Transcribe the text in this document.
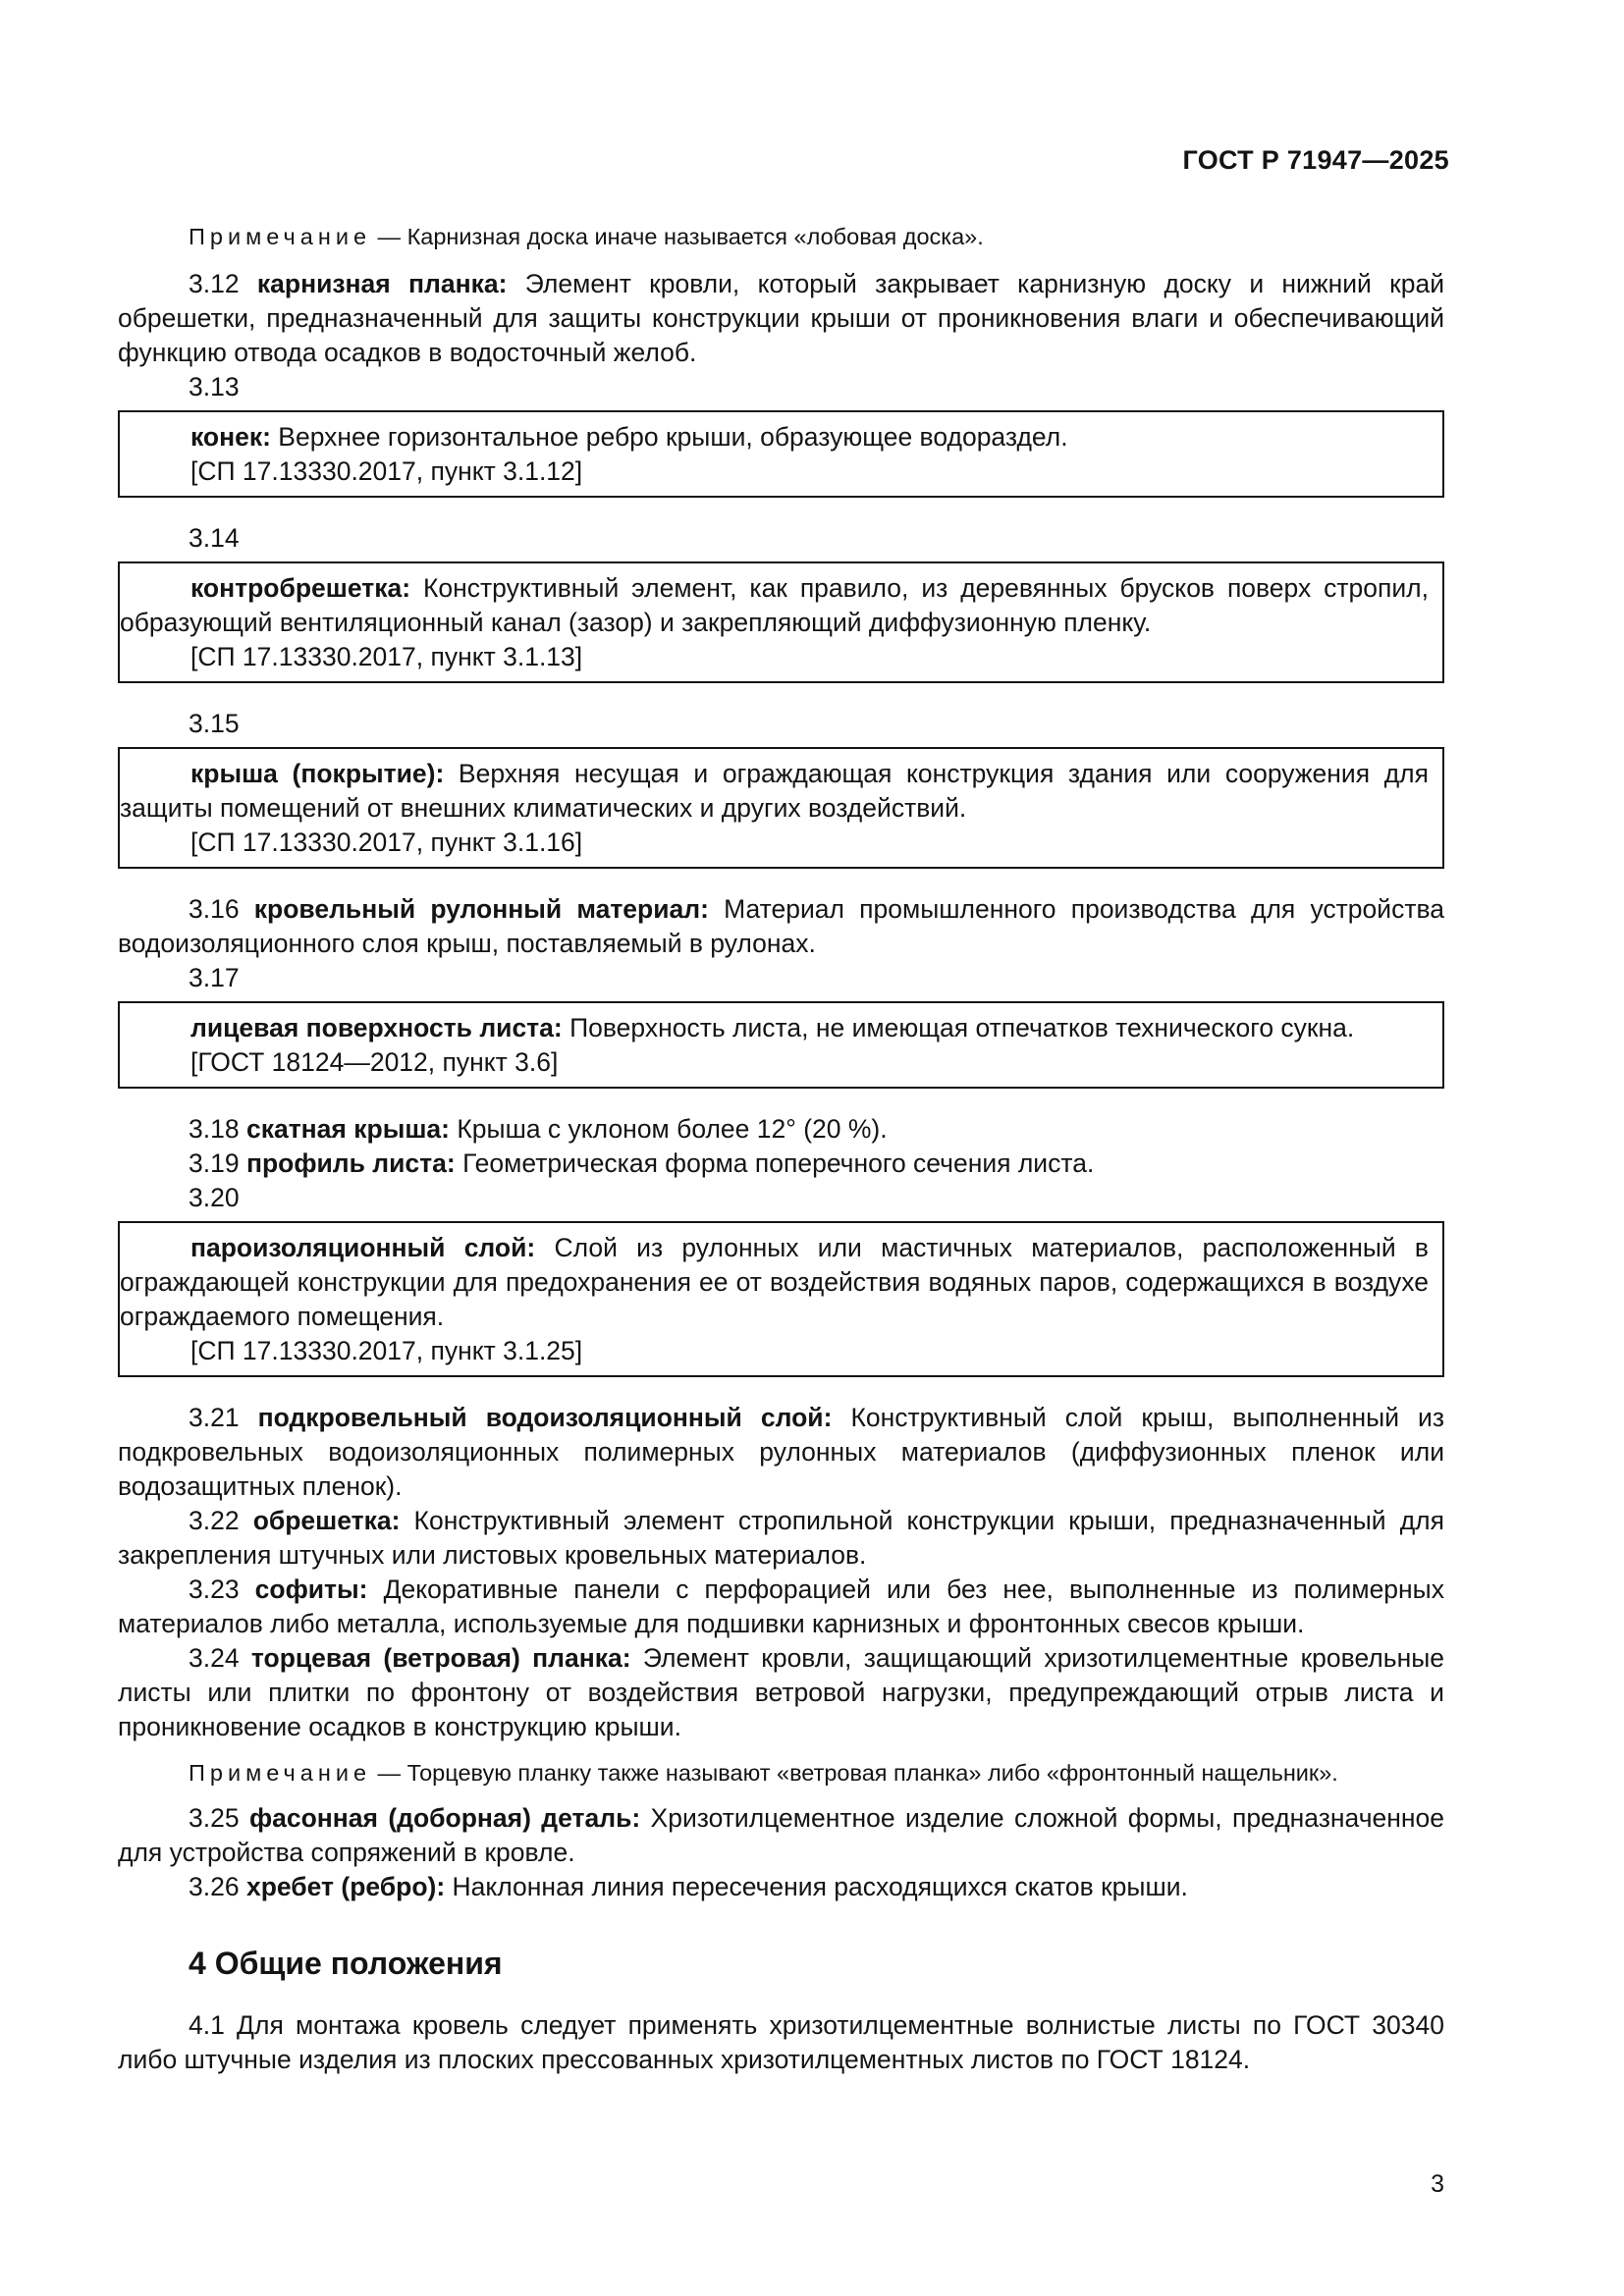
ГОСТ Р 71947—2025

Примечание — Карнизная доска иначе называется «лобовая доска».

3.12 карнизная планка: Элемент кровли, который закрывает карнизную доску и нижний край обрешетки, предназначенный для защиты конструкции крыши от проникновения влаги и обеспечивающий функцию отвода осадков в водосточный желоб.

3.13

конек: Верхнее горизонтальное ребро крыши, образующее водораздел.

[СП 17.13330.2017, пункт 3.1.12]

3.14

контробрешетка: Конструктивный элемент, как правило, из деревянных брусков поверх стропил, образующий вентиляционный канал (зазор) и закрепляющий диффузионную пленку.

[СП 17.13330.2017, пункт 3.1.13]

3.15

крыша (покрытие): Верхняя несущая и ограждающая конструкция здания или сооружения для защиты помещений от внешних климатических и других воздействий.

[СП 17.13330.2017, пункт 3.1.16]

3.16 кровельный рулонный материал: Материал промышленного производства для устройства водоизоляционного слоя крыш, поставляемый в рулонах.

3.17

лицевая поверхность листа: Поверхность листа, не имеющая отпечатков технического сукна.

[ГОСТ 18124—2012, пункт 3.6]

3.18 скатная крыша: Крыша с уклоном более 12° (20 %).

3.19 профиль листа: Геометрическая форма поперечного сечения листа.

3.20

пароизоляционный слой: Слой из рулонных или мастичных материалов, расположенный в ограждающей конструкции для предохранения ее от воздействия водяных паров, содержащихся в воздухе ограждаемого помещения.

[СП 17.13330.2017, пункт 3.1.25]

3.21 подкровельный водоизоляционный слой: Конструктивный слой крыш, выполненный из подкровельных водоизоляционных полимерных рулонных материалов (диффузионных пленок или водозащитных пленок).

3.22 обрешетка: Конструктивный элемент стропильной конструкции крыши, предназначенный для закрепления штучных или листовых кровельных материалов.

3.23 софиты: Декоративные панели с перфорацией или без нее, выполненные из полимерных материалов либо металла, используемые для подшивки карнизных и фронтонных свесов крыши.

3.24 торцевая (ветровая) планка: Элемент кровли, защищающий хризотилцементные кровельные листы или плитки по фронтону от воздействия ветровой нагрузки, предупреждающий отрыв листа и проникновение осадков в конструкцию крыши.

Примечание — Торцевую планку также называют «ветровая планка» либо «фронтонный нащельник».

3.25 фасонная (доборная) деталь: Хризотилцементное изделие сложной формы, предназначенное для устройства сопряжений в кровле.

3.26 хребет (ребро): Наклонная линия пересечения расходящихся скатов крыши.

4 Общие положения

4.1 Для монтажа кровель следует применять хризотилцементные волнистые листы по ГОСТ 30340 либо штучные изделия из плоских прессованных хризотилцементных листов по ГОСТ 18124.

3
